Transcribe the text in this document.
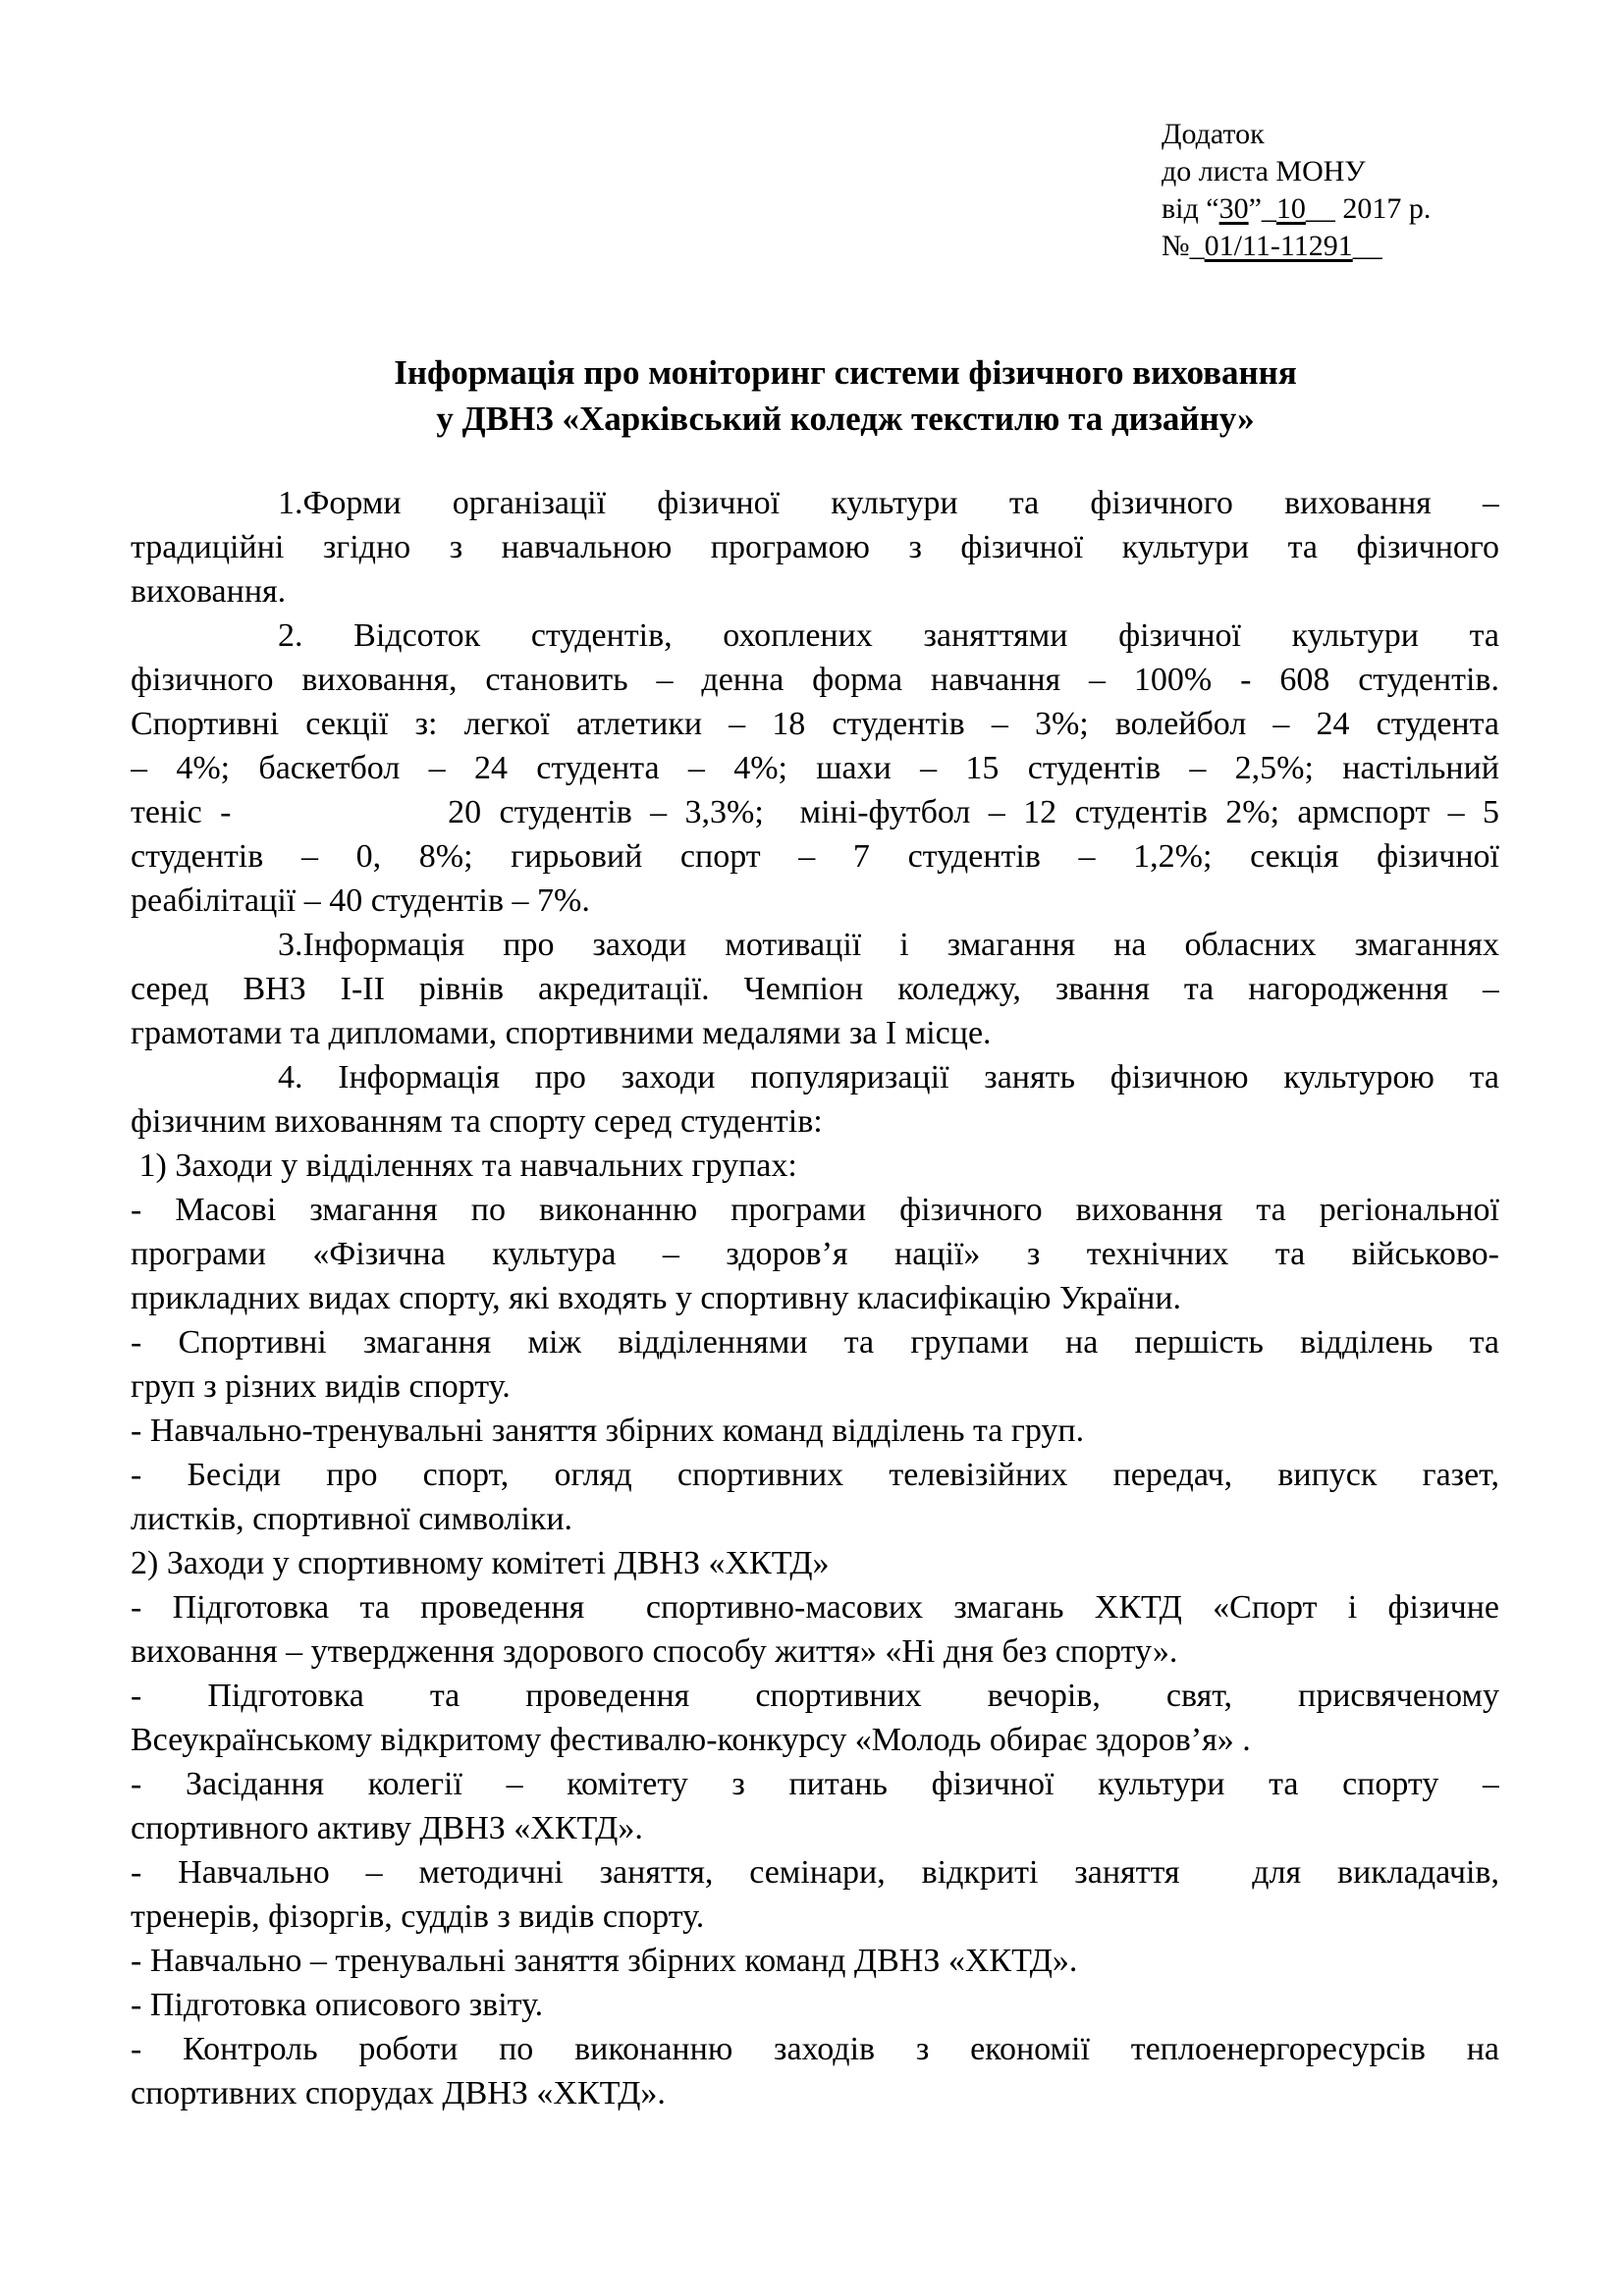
Додаток
до листа МОНУ
від “30”_10__ 2017 р.
№_01/11-11291__
Інформація про моніторинг системи фізичного виховання
у ДВНЗ «Харківський коледж текстилю та дизайну»
1.Форми організації фізичної культури та фізичного виховання –
традиційні згідно з навчальною програмою з фізичної культури та фізичного
виховання.
2. Відсоток студентів, охоплених заняттями фізичної культури та
фізичного виховання, становить – денна форма навчання – 100% - 608 студентів.
Спортивні секції з: легкої атлетики – 18 студентів – 3%; волейбол – 24 студента
– 4%; баскетбол – 24 студента – 4%; шахи – 15 студентів – 2,5%; настільний
теніс -            20 студентів – 3,3%;  міні-футбол – 12 студентів 2%; армспорт – 5
студентів – 0, 8%; гирьовий спорт – 7 студентів – 1,2%; секція фізичної
реабілітації – 40 студентів – 7%.
3.Інформація про заходи мотивації і змагання на обласних змаганнях
серед ВНЗ І-ІІ рівнів акредитації. Чемпіон коледжу, звання та нагородження –
грамотами та дипломами, спортивними медалями за І місце.
4. Інформація про заходи популяризації занять фізичною культурою та
фізичним вихованням та спорту серед студентів:
1) Заходи у відділеннях та навчальних групах:
- Масові змагання по виконанню програми фізичного виховання та регіональної
програми «Фізична культура – здоров’я нації» з технічних та військово-
прикладних видах спорту, які входять у спортивну класифікацію України.
- Спортивні змагання між відділеннями та групами на першість відділень та
груп з різних видів спорту.
- Навчально-тренувальні заняття збірних команд відділень та груп.
- Бесіди про спорт, огляд спортивних телевізійних передач, випуск газет,
листків, спортивної символіки.
2) Заходи у спортивному комітеті ДВНЗ «ХКТД»
- Підготовка та проведення  спортивно-масових змагань ХКТД «Спорт і фізичне
виховання – утвердження здорового способу життя» «Ні дня без спорту».
- Підготовка та проведення спортивних вечорів, свят, присвяченому
Всеукраїнському відкритому фестивалю-конкурсу «Молодь обирає здоров’я» .
- Засідання колегії – комітету з питань фізичної культури та спорту –
спортивного активу ДВНЗ «ХКТД».
- Навчально – методичні заняття, семінари, відкриті заняття  для викладачів,
тренерів, фізоргів, суддів з видів спорту.
- Навчально – тренувальні заняття збірних команд ДВНЗ «ХКТД».
- Підготовка описового звіту.
- Контроль роботи по виконанню заходів з економії теплоенергоресурсів на
спортивних спорудах ДВНЗ «ХКТД».
